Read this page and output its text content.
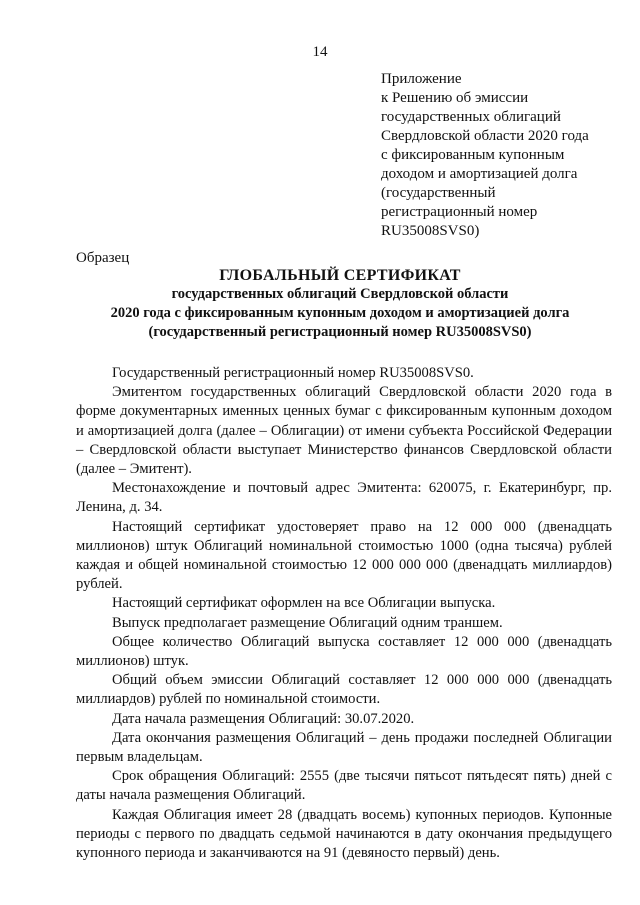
14
Приложение
к Решению об эмиссии
государственных облигаций
Свердловской области 2020 года
с фиксированным купонным
доходом и амортизацией долга
(государственный
регистрационный номер
RU35008SVS0)
Образец
ГЛОБАЛЬНЫЙ СЕРТИФИКАТ
государственных облигаций Свердловской области
2020 года с фиксированным купонным доходом и амортизацией долга
(государственный регистрационный номер RU35008SVS0)

Государственный регистрационный номер RU35008SVS0.

Эмитентом государственных облигаций Свердловской области 2020 года в форме документарных именных ценных бумаг с фиксированным купонным доходом и амортизацией долга (далее – Облигации) от имени субъекта Российской Федерации – Свердловской области выступает Министерство финансов Свердловской области (далее – Эмитент).

Местонахождение и почтовый адрес Эмитента: 620075, г. Екатеринбург, пр. Ленина, д. 34.

Настоящий сертификат удостоверяет право на 12 000 000 (двенадцать миллионов) штук Облигаций номинальной стоимостью 1000 (одна тысяча) рублей каждая и общей номинальной стоимостью 12 000 000 000 (двенадцать миллиардов) рублей.

Настоящий сертификат оформлен на все Облигации выпуска.

Выпуск предполагает размещение Облигаций одним траншем.

Общее количество Облигаций выпуска составляет 12 000 000 (двенадцать миллионов) штук.

Общий объем эмиссии Облигаций составляет 12 000 000 000 (двенадцать миллиардов) рублей по номинальной стоимости.

Дата начала размещения Облигаций: 30.07.2020.

Дата окончания размещения Облигаций – день продажи последней Облигации первым владельцам.

Срок обращения Облигаций: 2555 (две тысячи пятьсот пятьдесят пять) дней с даты начала размещения Облигаций.

Каждая Облигация имеет 28 (двадцать восемь) купонных периодов. Купонные периоды с первого по двадцать седьмой начинаются в дату окончания предыдущего купонного периода и заканчиваются на 91 (девяносто первый) день.
